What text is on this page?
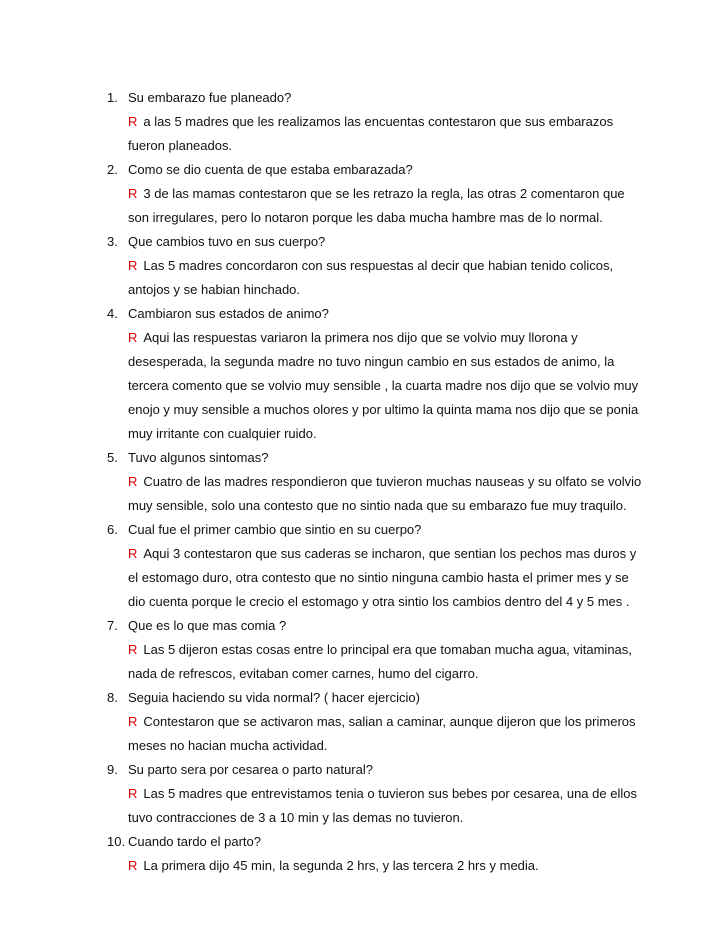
1. Su embarazo fue planeado?
R a las 5 madres que les realizamos las encuentas contestaron que sus embarazos fueron planeados.
2. Como se dio cuenta de que estaba embarazada?
R 3 de las mamas contestaron que se les retrazo la regla, las otras 2 comentaron que son irregulares, pero lo notaron porque les daba mucha hambre mas de lo normal.
3. Que cambios tuvo en sus cuerpo?
R Las 5 madres concordaron con sus respuestas al decir que habian tenido colicos, antojos y se habian hinchado.
4. Cambiaron sus estados de animo?
R Aqui las respuestas variaron la primera nos dijo que se volvio muy llorona y desesperada, la segunda madre no tuvo ningun cambio en sus estados de animo, la tercera comento que se volvio muy sensible , la cuarta madre nos dijo que se volvio muy enojo y muy sensible a muchos olores y por ultimo la quinta mama nos dijo que se ponia muy irritante con cualquier ruido.
5. Tuvo algunos sintomas?
R Cuatro de las madres respondieron que tuvieron muchas nauseas y su olfato se volvio muy sensible, solo una contesto que no sintio nada que su embarazo fue muy traquilo.
6. Cual fue el primer cambio que sintio en su cuerpo?
R Aqui 3 contestaron que sus caderas se incharon, que sentian los pechos mas duros y el estomago duro, otra contesto que no sintio ninguna cambio hasta el primer mes y se dio cuenta porque le crecio el estomago y otra sintio los cambios dentro del 4 y 5 mes .
7. Que es lo que mas comia ?
R Las 5 dijeron estas cosas entre lo principal era que tomaban mucha agua, vitaminas, nada de refrescos, evitaban comer carnes, humo del cigarro.
8. Seguia haciendo su vida normal? ( hacer ejercicio)
R Contestaron que se activaron mas, salian a caminar, aunque dijeron que los primeros meses no hacian mucha actividad.
9. Su parto sera por cesarea o parto natural?
R Las 5 madres que entrevistamos tenia o tuvieron sus bebes por cesarea, una de ellos tuvo contracciones de 3 a 10 min y las demas no tuvieron.
10. Cuando tardo el parto?
R La primera dijo 45 min, la segunda 2 hrs, y las tercera 2 hrs y media.
